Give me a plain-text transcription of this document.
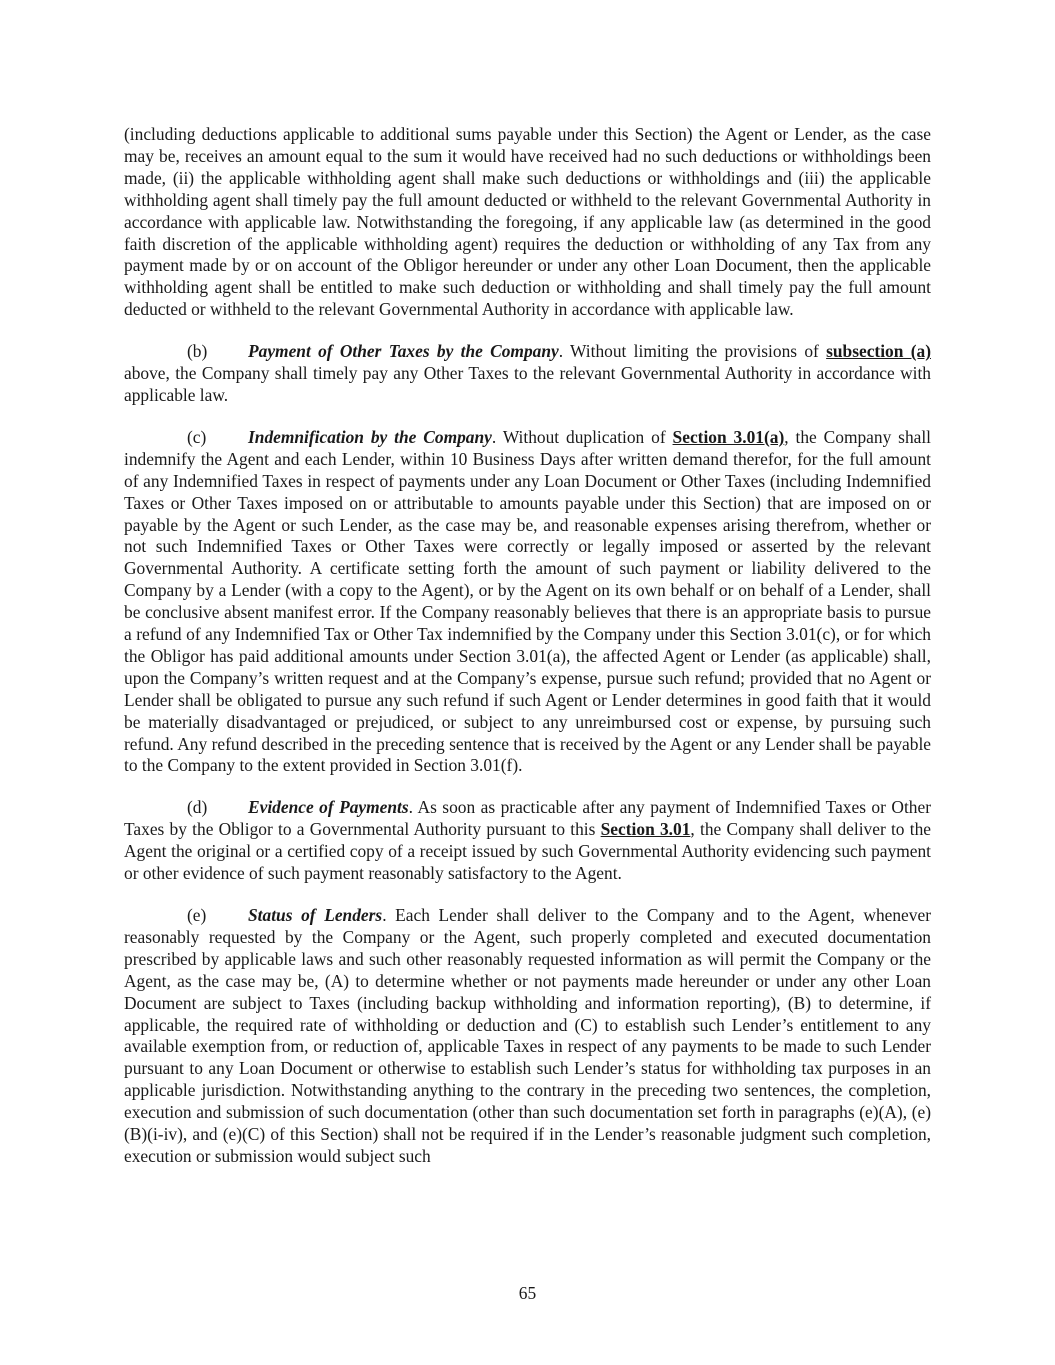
(including deductions applicable to additional sums payable under this Section) the Agent or Lender, as the case may be, receives an amount equal to the sum it would have received had no such deductions or withholdings been made, (ii) the applicable withholding agent shall make such deductions or withholdings and (iii) the applicable withholding agent shall timely pay the full amount deducted or withheld to the relevant Governmental Authority in accordance with applicable law. Notwithstanding the foregoing, if any applicable law (as determined in the good faith discretion of the applicable withholding agent) requires the deduction or withholding of any Tax from any payment made by or on account of the Obligor hereunder or under any other Loan Document, then the applicable withholding agent shall be entitled to make such deduction or withholding and shall timely pay the full amount deducted or withheld to the relevant Governmental Authority in accordance with applicable law.

(b) Payment of Other Taxes by the Company. Without limiting the provisions of subsection (a) above, the Company shall timely pay any Other Taxes to the relevant Governmental Authority in accordance with applicable law.

(c) Indemnification by the Company. Without duplication of Section 3.01(a), the Company shall indemnify the Agent and each Lender, within 10 Business Days after written demand therefor, for the full amount of any Indemnified Taxes in respect of payments under any Loan Document or Other Taxes (including Indemnified Taxes or Other Taxes imposed on or attributable to amounts payable under this Section) that are imposed on or payable by the Agent or such Lender, as the case may be, and reasonable expenses arising therefrom, whether or not such Indemnified Taxes or Other Taxes were correctly or legally imposed or asserted by the relevant Governmental Authority. A certificate setting forth the amount of such payment or liability delivered to the Company by a Lender (with a copy to the Agent), or by the Agent on its own behalf or on behalf of a Lender, shall be conclusive absent manifest error. If the Company reasonably believes that there is an appropriate basis to pursue a refund of any Indemnified Tax or Other Tax indemnified by the Company under this Section 3.01(c), or for which the Obligor has paid additional amounts under Section 3.01(a), the affected Agent or Lender (as applicable) shall, upon the Company’s written request and at the Company’s expense, pursue such refund; provided that no Agent or Lender shall be obligated to pursue any such refund if such Agent or Lender determines in good faith that it would be materially disadvantaged or prejudiced, or subject to any unreimbursed cost or expense, by pursuing such refund. Any refund described in the preceding sentence that is received by the Agent or any Lender shall be payable to the Company to the extent provided in Section 3.01(f).

(d) Evidence of Payments. As soon as practicable after any payment of Indemnified Taxes or Other Taxes by the Obligor to a Governmental Authority pursuant to this Section 3.01, the Company shall deliver to the Agent the original or a certified copy of a receipt issued by such Governmental Authority evidencing such payment or other evidence of such payment reasonably satisfactory to the Agent.

(e) Status of Lenders. Each Lender shall deliver to the Company and to the Agent, whenever reasonably requested by the Company or the Agent, such properly completed and executed documentation prescribed by applicable laws and such other reasonably requested information as will permit the Company or the Agent, as the case may be, (A) to determine whether or not payments made hereunder or under any other Loan Document are subject to Taxes (including backup withholding and information reporting), (B) to determine, if applicable, the required rate of withholding or deduction and (C) to establish such Lender’s entitlement to any available exemption from, or reduction of, applicable Taxes in respect of any payments to be made to such Lender pursuant to any Loan Document or otherwise to establish such Lender’s status for withholding tax purposes in an applicable jurisdiction. Notwithstanding anything to the contrary in the preceding two sentences, the completion, execution and submission of such documentation (other than such documentation set forth in paragraphs (e)(A), (e)(B)(i-iv), and (e)(C) of this Section) shall not be required if in the Lender’s reasonable judgment such completion, execution or submission would subject such

65
